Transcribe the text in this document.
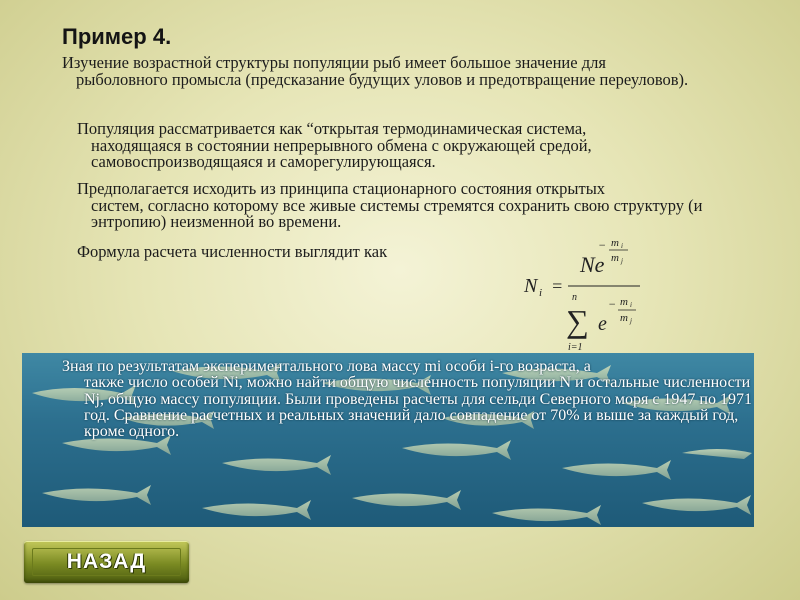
Пример 4.

Изучение возрастной структуры популяции рыб имеет большое значение для
рыболовного промысла (предсказание будущих уловов и предотвращение переуловов).

Популяция рассматривается как “открытая термодинамическая система,
находящаяся в состоянии непрерывного обмена с окружающей средой, самовоспроизводящаяся и саморегулирующаяся.

Предполагается исходить из принципа стационарного состояния открытых
систем, согласно которому все живые системы стремятся сохранить свою структуру (и энтропию) неизменной во времени.

Формула расчета численности выглядит как	− m i
m j
Ne
N i =
n
∑
i=1
e
− m i
m j

Зная по результатам экспериментального лова массу mi особи i-го возраста, а
также число особей Ni, можно найти общую численность популяции N и остальные численности Nj, общую массу популяции. Были проведены расчеты для сельди Северного моря с 1947 по 1971 год. Сравнение расчетных и реальных значений дало совпадение от 70% и выше за каждый год, кроме одного.

НАЗАД
